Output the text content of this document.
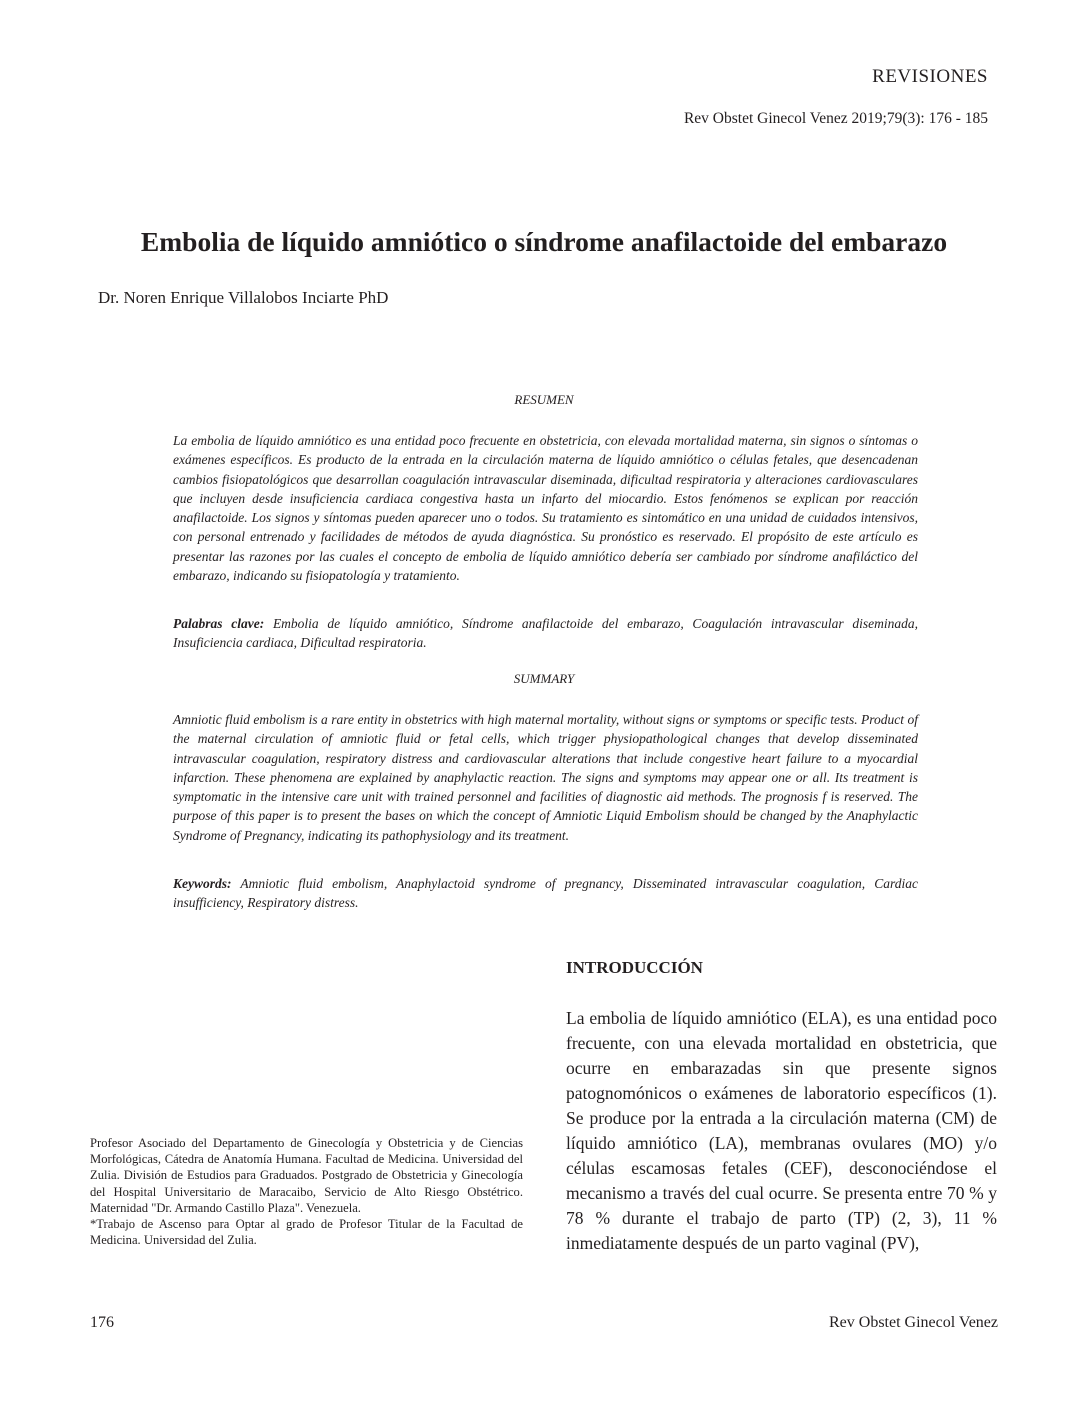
REVISIONES
Rev Obstet Ginecol Venez 2019;79(3): 176 - 185
Embolia de líquido amniótico o síndrome anafilactoide del embarazo
Dr. Noren Enrique Villalobos Inciarte PhD
RESUMEN

La embolia de líquido amniótico es una entidad poco frecuente en obstetricia, con elevada mortalidad materna, sin signos o síntomas o exámenes específicos. Es producto de la entrada en la circulación materna de líquido amniótico o células fetales, que desencadenan cambios fisiopatológicos que desarrollan coagulación intravascular diseminada, dificultad respiratoria y alteraciones cardiovasculares que incluyen desde insuficiencia cardiaca congestiva hasta un infarto del miocardio. Estos fenómenos se explican por reacción anafilactoide. Los signos y síntomas pueden aparecer uno o todos. Su tratamiento es sintomático en una unidad de cuidados intensivos, con personal entrenado y facilidades de métodos de ayuda diagnóstica. Su pronóstico es reservado. El propósito de este artículo es presentar las razones por las cuales el concepto de embolia de líquido amniótico debería ser cambiado por síndrome anafiláctico del embarazo, indicando su fisiopatología y tratamiento.

Palabras clave: Embolia de líquido amniótico, Síndrome anafilactoide del embarazo, Coagulación intravascular diseminada, Insuficiencia cardiaca, Dificultad respiratoria.

SUMMARY

Amniotic fluid embolism is a rare entity in obstetrics with high maternal mortality, without signs or symptoms or specific tests. Product of the maternal circulation of amniotic fluid or fetal cells, which trigger physiopathological changes that develop disseminated intravascular coagulation, respiratory distress and cardiovascular alterations that include congestive heart failure to a myocardial infarction. These phenomena are explained by anaphylactic reaction. The signs and symptoms may appear one or all. Its treatment is symptomatic in the intensive care unit with trained personnel and facilities of diagnostic aid methods. The prognosis f is reserved. The purpose of this paper is to present the bases on which the concept of Amniotic Liquid Embolism should be changed by the Anaphylactic Syndrome of Pregnancy, indicating its pathophysiology and its treatment.

Keywords: Amniotic fluid embolism, Anaphylactoid syndrome of pregnancy, Disseminated intravascular coagulation, Cardiac insufficiency, Respiratory distress.

INTRODUCCIÓN

La embolia de líquido amniótico (ELA), es una entidad poco frecuente, con una elevada mortalidad en obstetricia, que ocurre en embarazadas sin que presente signos patognomónicos o exámenes de laboratorio específicos (1). Se produce por la entrada a la circulación materna (CM) de líquido amniótico (LA), membranas ovulares (MO) y/o células escamosas fetales (CEF), desconociéndose el mecanismo a través del cual ocurre. Se presenta entre 70 % y 78 % durante el trabajo de parto (TP) (2, 3), 11 % inmediatamente después de un parto vaginal (PV),

Profesor Asociado del Departamento de Ginecología y Obstetricia y de Ciencias Morfológicas, Cátedra de Anatomía Humana. Facultad de Medicina. Universidad del Zulia. División de Estudios para Graduados. Postgrado de Obstetricia y Ginecología del Hospital Universitario de Maracaibo, Servicio de Alto Riesgo Obstétrico. Maternidad "Dr. Armando Castillo Plaza". Venezuela.

*Trabajo de Ascenso para Optar al grado de Profesor Titular de la Facultad de Medicina. Universidad del Zulia.

176	Rev Obstet Ginecol Venez
